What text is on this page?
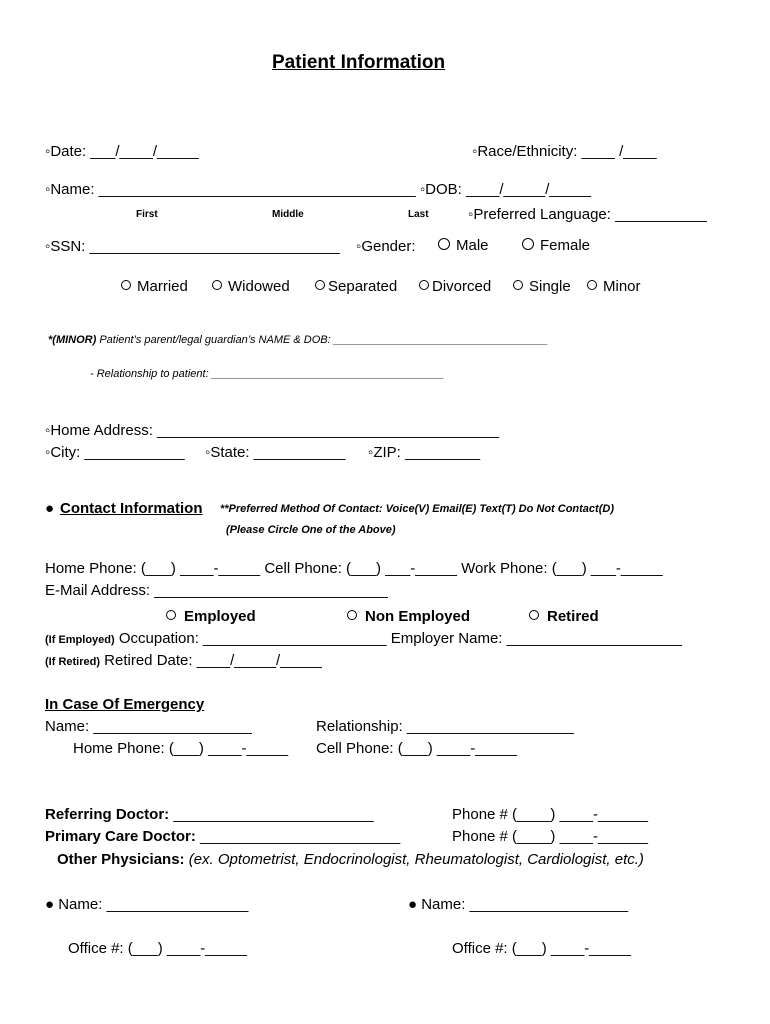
Patient Information
◦Date: ___/____/_____	◦Race/Ethnicity: ____ /____
◦Name: ______________________________________ ◦DOB: ____/_____/_____
First	Middle	Last	◦Preferred Language: ___________
◦SSN: ______________________________ ◦Gender:	Male	Female
Married	Widowed	Separated	Divorced	Single	Minor
*(MINOR) Patient’s parent/legal guardian’s NAME & DOB: ___________________________________
- Relationship to patient: ______________________________________
◦Home Address: _________________________________________
◦City: ____________ ◦State: ___________ ◦ZIP: _________
● Contact Information **Preferred Method Of Contact: Voice(V) Email(E) Text(T) Do Not Contact(D)
(Please Circle One of the Above)
Home Phone: (___) ____-_____ Cell Phone: (___) ___-_____ Work Phone: (___) ___-_____
E-Mail Address: ____________________________
Employed	Non Employed	Retired
(If Employed) Occupation: ______________________ Employer Name: _____________________
(If Retired) Retired Date: ____/_____/_____
In Case Of Emergency
Name: ___________________	Relationship: ____________________
Home Phone: (___) ____-_____ Cell Phone: (___) ____-_____
Referring Doctor: ________________________	Phone # (____) ____-______
Primary Care Doctor: ________________________	Phone # (____) ____-______
Other Physicians: (ex. Optometrist, Endocrinologist, Rheumatologist, Cardiologist, etc.)
● Name: _________________	● Name: ___________________
Office #: (___) ____-_____	Office #: (___) ____-_____
